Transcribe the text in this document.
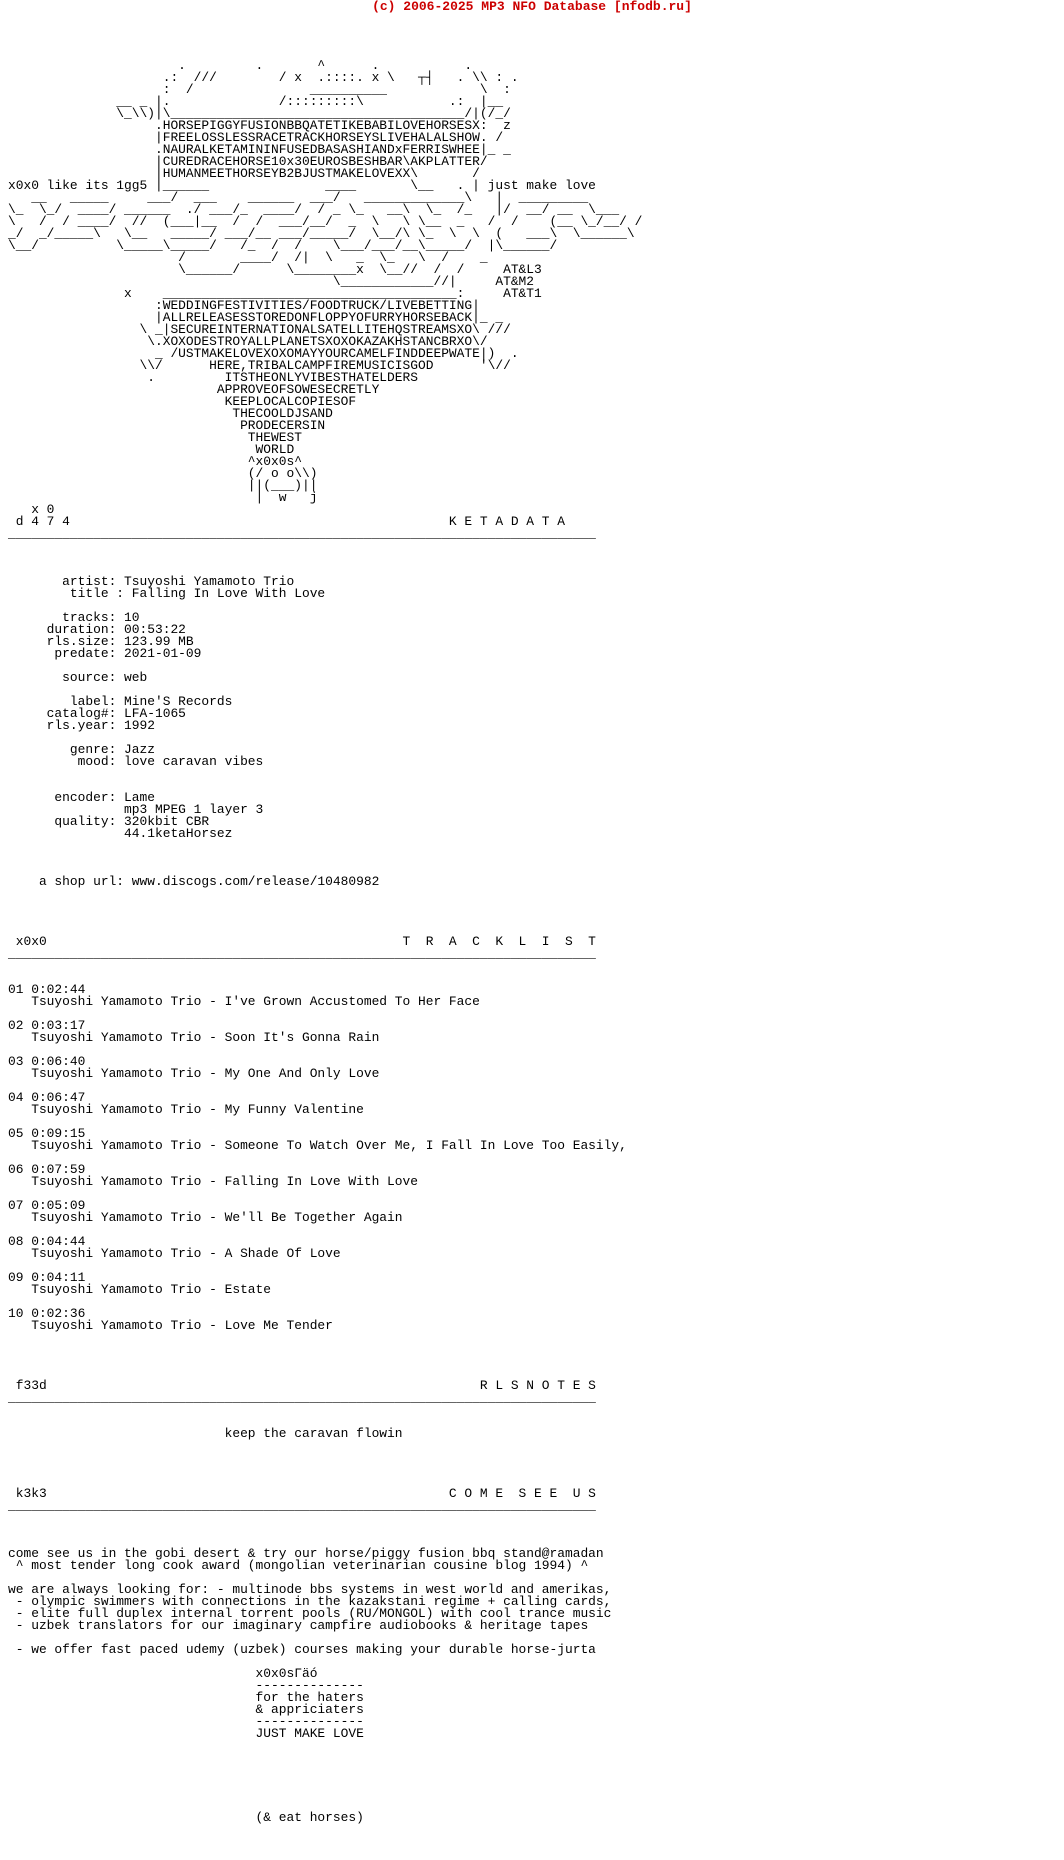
(c) 2006-2025 MP3 NFO Database [nfodb.ru]

.         .       ^      .           .
.:  ///        / x  .::::. x \   ┬┤   . \\ : .
:  /               __________            \  :
__ _ |.              /:::::::::\           .:  |__
\_\\)|\______________________________________/|(/_/
.HORSEPIGGYFUSIONBBQATETIKEBABILOVEHORSESX:  z
|FREELOSSLESSRACETRACKHORSEYSLIVEHALALSHOW. /
.NAURALKETAMININFUSEDBASASHIANDxFERRISWHEE|_ _
|CUREDRACEHORSE10x30EUROSBESHBAR\AKPLATTER/
|HUMANMEETHORSEYB2BJUSTMAKELOVEXX\       /
x0x0 like its 1gg5 |______               ____       \__   . | just make love
__   _____     ___/  ___    ______  ___/   _____________\   |  _________
\_  \_/  ____/ ______  ./ ___/_  ____/  / _ \_   __\  \_  /_   |/  __/ __  \___
\   /  / ____/  //  (___|__  /  /  ___/__/  _  \   \ \__  _   /  /    (__ \_/__/ /
_/  _/_____\   \__   _____/ ___/__ ___/_____/  \__/\ \_  \  \  (   ___\  \______\
\__/          \_____\_____/   /_  /  /    \___/___/__\_____/  |\______/
/       ____/  /|  \   _  \_   \  /    _
\______/      \________x  \__//  /  /     AT&L3
\____________//|     AT&M2
x    ______________________________________:     AT&T1
:WEDDINGFESTIVITIES/FOODTRUCK/LIVEBETTING|
|ALLRELEASESSTOREDONFLOPPYOFURRYHORSEBACK|_ _
\ _|SECUREINTERNATIONALSATELLITEHQSTREAMSXO\ ///
\.XOXODESTROYALLPLANETSXOXOKAZAKHSTANCBRXO\/
_ /USTMAKELOVEXOXOMAYYOURCAMELFINDDEEPWATE|)  .
\\/      HERE,TRIBALCAMPFIREMUSICISGOD      '\//
.         ITSTHEONLYVIBESTHATELDERS
APPROVEOFSOWESECRETLY
KEEPLOCALCOPIESOF
THECOOLDJSAND
PRODECERSIN
THEWEST
WORLD
^x0x0s^
(/ o o\\)
||(___)||
|  w   j
x 0
d 4 7 4                                                 K E T A D A T A
____________________________________________________________________________

artist: Tsuyoshi Yamamoto Trio
title : Falling In Love With Love

tracks: 10
duration: 00:53:22
rls.size: 123.99 MB
predate: 2021-01-09

source: web

label: Mine'S Records
catalog#: LFA-1065
rls.year: 1992

genre: Jazz
mood: love caravan vibes

encoder: Lame
mp3 MPEG 1 layer 3
quality: 320kbit CBR
44.1ketaHorsez

a shop url: www.discogs.com/release/10480982

x0x0                                              T  R  A  C  K  L  I  S  T
____________________________________________________________________________

01 0:02:44
Tsuyoshi Yamamoto Trio - I've Grown Accustomed To Her Face

02 0:03:17
Tsuyoshi Yamamoto Trio - Soon It's Gonna Rain

03 0:06:40
Tsuyoshi Yamamoto Trio - My One And Only Love

04 0:06:47
Tsuyoshi Yamamoto Trio - My Funny Valentine

05 0:09:15
Tsuyoshi Yamamoto Trio - Someone To Watch Over Me, I Fall In Love Too Easily,

06 0:07:59
Tsuyoshi Yamamoto Trio - Falling In Love With Love

07 0:05:09
Tsuyoshi Yamamoto Trio - We'll Be Together Again

08 0:04:44
Tsuyoshi Yamamoto Trio - A Shade Of Love

09 0:04:11
Tsuyoshi Yamamoto Trio - Estate

10 0:02:36
Tsuyoshi Yamamoto Trio - Love Me Tender

f33d                                                        R L S N O T E S
____________________________________________________________________________

keep the caravan flowin

k3k3                                                    C O M E  S E E  U S
____________________________________________________________________________

come see us in the gobi desert & try our horse/piggy fusion bbq stand@ramadan
^ most tender long cook award (mongolian veterinarian cousine blog 1994) ^

we are always looking for: - multinode bbs systems in west world and amerikas,
- olympic swimmers with connections in the kazakstani regime + calling cards,
- elite full duplex internal torrent pools (RU/MONGOL) with cool trance music
- uzbek translators for our imaginary campfire audiobooks & heritage tapes

- we offer fast paced udemy (uzbek) courses making your durable horse-jurta

x0x0sΓäó
--------------
for the haters
& appriciaters
--------------
JUST MAKE LOVE

(& eat horses)
